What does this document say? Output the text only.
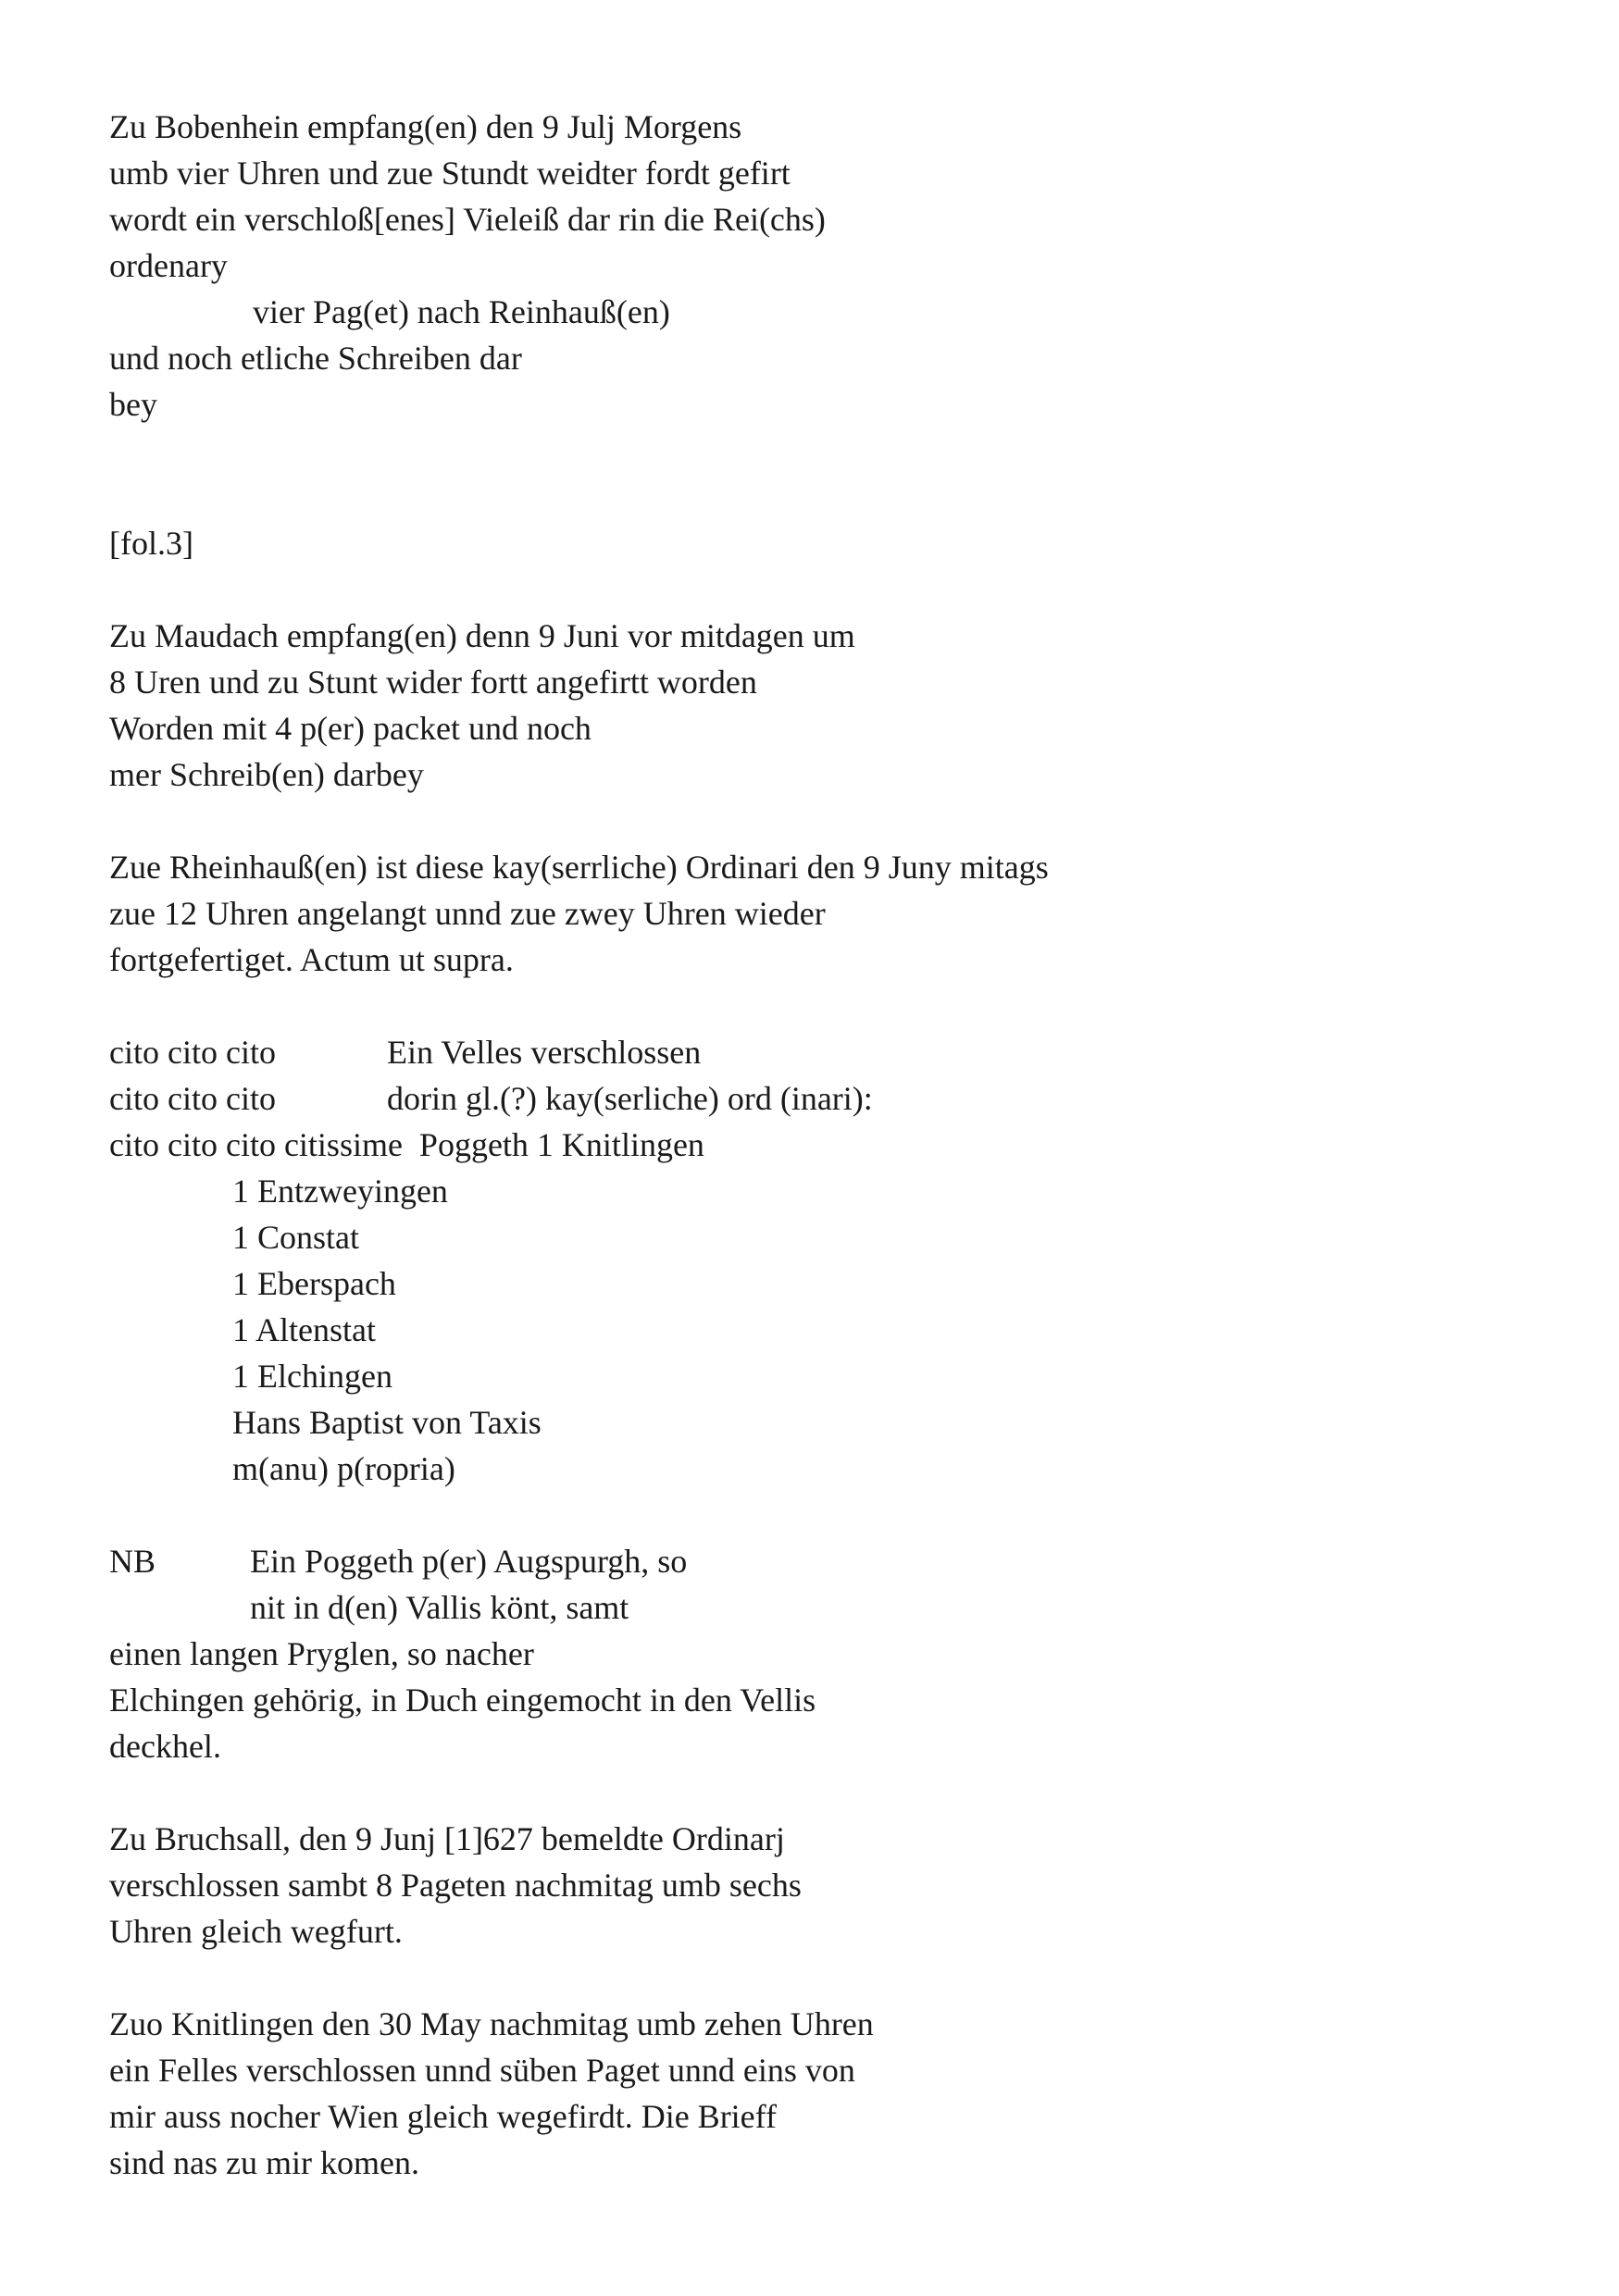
Zu Bobenhein empfang(en) den 9 Julj Morgens
umb vier Uhren und zue Stundt weidter fordt gefirt
wordt ein verschloß[enes] Vieleiß dar rin die Rei(chs)
ordenary
vier Pag(et) nach Reinhauß(en)
und noch etliche Schreiben dar
bey
[fol.3]
Zu Maudach empfang(en) denn 9 Juni vor mitdagen um
8 Uren und zu Stunt wider fortt angefirtt worden
Worden mit 4 p(er) packet und noch
mer Schreib(en) darbey
Zue Rheinhauß(en) ist diese kay(serrliche) Ordinari den 9 Juny mitags
zue 12 Uhren angelangt unnd zue zwey Uhren wieder
fortgefertiget. Actum ut supra.
cito cito cito	Ein Velles verschlossen
cito cito cito	dorin gl.(?) kay(serliche) ord (inari):
cito cito cito citissime  Poggeth 1 Knitlingen
1 Entzweyingen
1 Constat
1 Eberspach
1 Altenstat
1 Elchingen
Hans Baptist von Taxis
m(anu) p(ropria)
NB	Ein Poggeth p(er) Augspurgh, so
nit in d(en) Vallis könt, samt
einen langen Pryglen, so nacher
Elchingen gehörig, in Duch eingemocht in den Vellis
deckhel.
Zu Bruchsall, den 9 Junj [1]627 bemeldte Ordinarj
verschlossen sambt 8 Pageten nachmitag umb sechs
Uhren gleich wegfurt.
Zuo Knitlingen den 30 May nachmitag umb zehen Uhren
ein Felles verschlossen unnd süben Paget unnd eins von
mir auss nocher Wien gleich wegefirdt. Die Brieff
sind nas zu mir komen.
